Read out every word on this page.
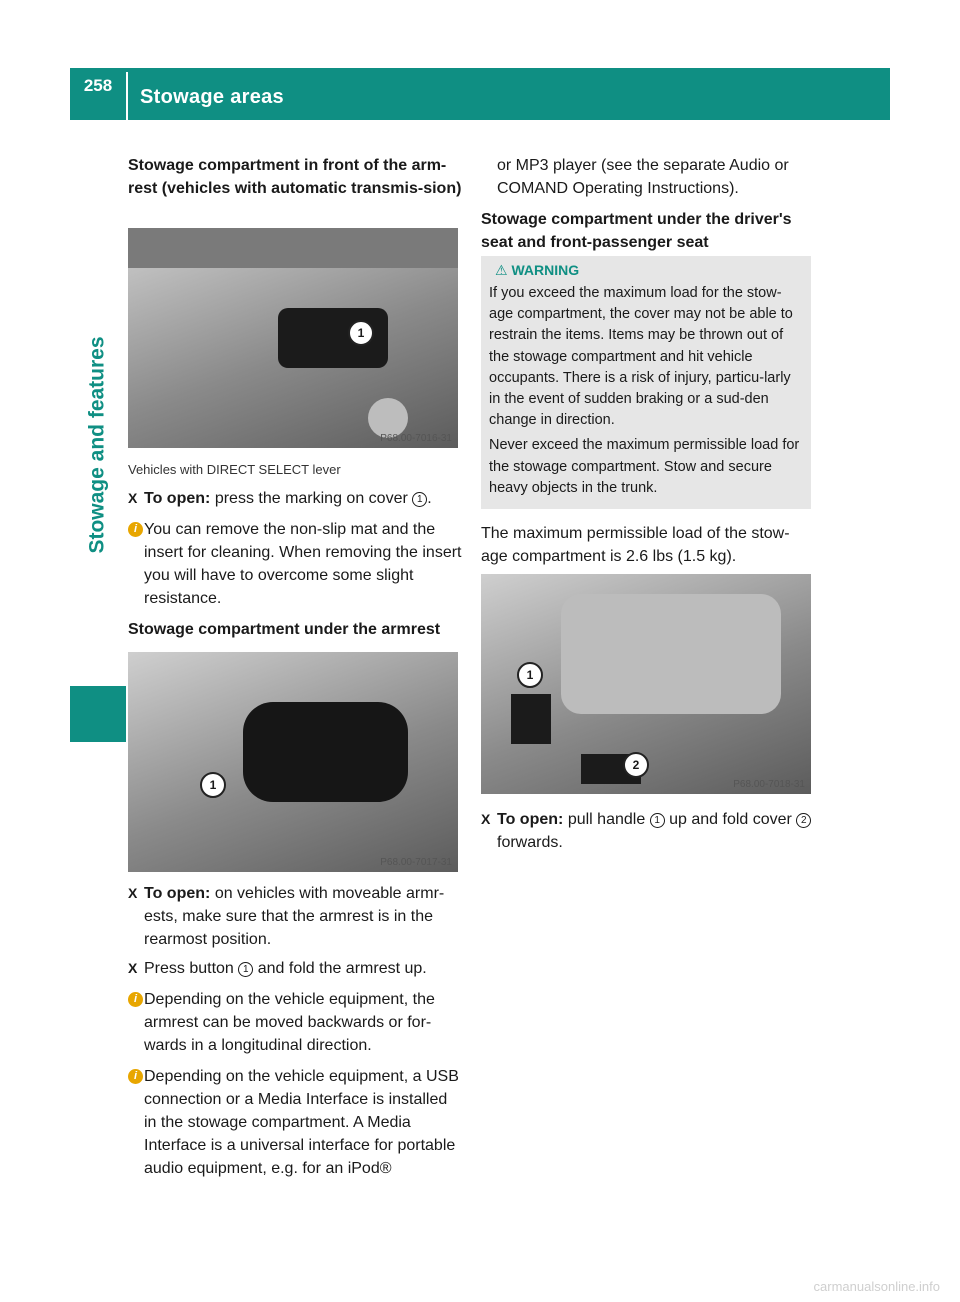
258
Stowage areas
Stowage and features
Stowage compartment in front of the arm-rest (vehicles with automatic transmis-sion)
1
P68.00-7016-31

Vehicles with DIRECT SELECT lever

X To open: press the marking on cover 1 .

i You can remove the non-slip mat and the insert for cleaning. When removing the insert you will have to overcome some slight resistance.

Stowage compartment under the armrest
1
P68.00-7017-31

X To open: on vehicles with moveable armr-ests, make sure that the armrest is in the rearmost position.

X Press button 1 and fold the armrest up.

i Depending on the vehicle equipment, the armrest can be moved backwards or for-wards in a longitudinal direction.

i Depending on the vehicle equipment, a USB connection or a Media Interface is installed in the stowage compartment. A Media Interface is a universal interface for portable audio equipment, e.g. for an iPod®

or MP3 player (see the separate Audio or COMAND Operating Instructions).

Stowage compartment under the driver's seat and front-passenger seat
⚠ WARNING

If you exceed the maximum load for the stow-age compartment, the cover may not be able to restrain the items. Items may be thrown out of the stowage compartment and hit vehicle occupants. There is a risk of injury, particu-larly in the event of sudden braking or a sud-den change in direction.

Never exceed the maximum permissible load for the stowage compartment. Stow and secure heavy objects in the trunk.

The maximum permissible load of the stow-age compartment is 2.6 lbs (1.5 kg).

1
2
P68.00-7018-31

X To open: pull handle 1 up and fold cover 2 forwards.

carmanualsonline.info
